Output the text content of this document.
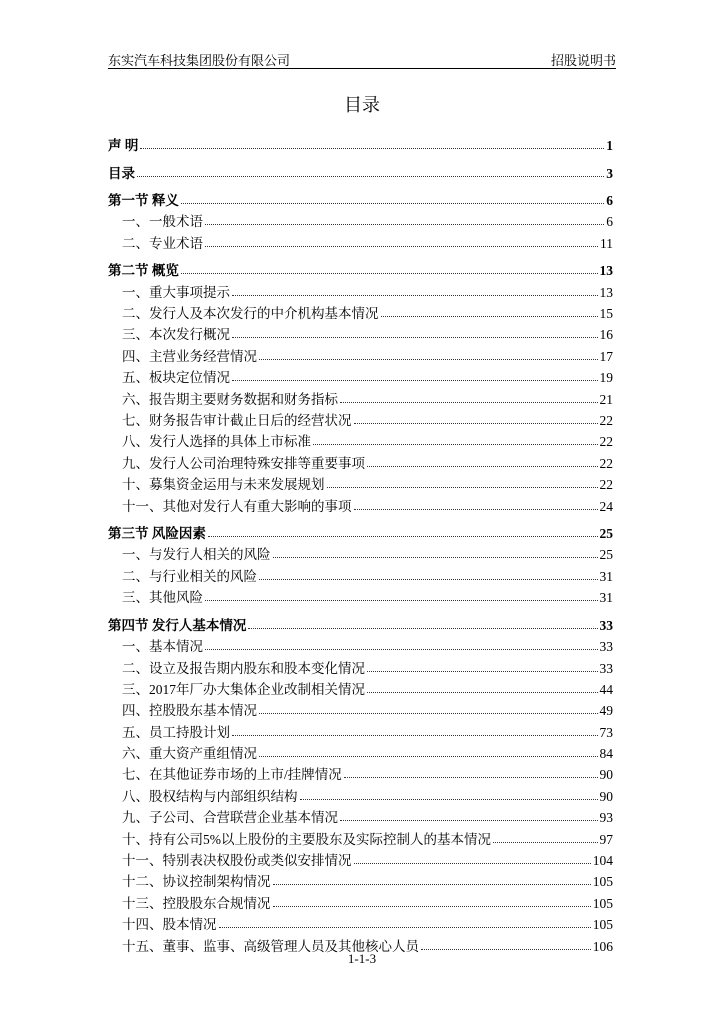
东实汽车科技集团股份有限公司	招股说明书
目录
声 明	1
目录	3
第一节 释义	6
一、一般术语	6
二、专业术语	11
第二节 概览	13
一、重大事项提示	13
二、发行人及本次发行的中介机构基本情况	15
三、本次发行概况	16
四、主营业务经营情况	17
五、板块定位情况	19
六、报告期主要财务数据和财务指标	21
七、财务报告审计截止日后的经营状况	22
八、发行人选择的具体上市标准	22
九、发行人公司治理特殊安排等重要事项	22
十、募集资金运用与未来发展规划	22
十一、其他对发行人有重大影响的事项	24
第三节 风险因素	25
一、与发行人相关的风险	25
二、与行业相关的风险	31
三、其他风险	31
第四节 发行人基本情况	33
一、基本情况	33
二、设立及报告期内股东和股本变化情况	33
三、2017年厂办大集体企业改制相关情况	44
四、控股股东基本情况	49
五、员工持股计划	73
六、重大资产重组情况	84
七、在其他证券市场的上市/挂牌情况	90
八、股权结构与内部组织结构	90
九、子公司、合营联营企业基本情况	93
十、持有公司5%以上股份的主要股东及实际控制人的基本情况	97
十一、特别表决权股份或类似安排情况	104
十二、协议控制架构情况	105
十三、控股股东合规情况	105
十四、股本情况	105
十五、董事、监事、高级管理人员及其他核心人员	106
1-1-3
